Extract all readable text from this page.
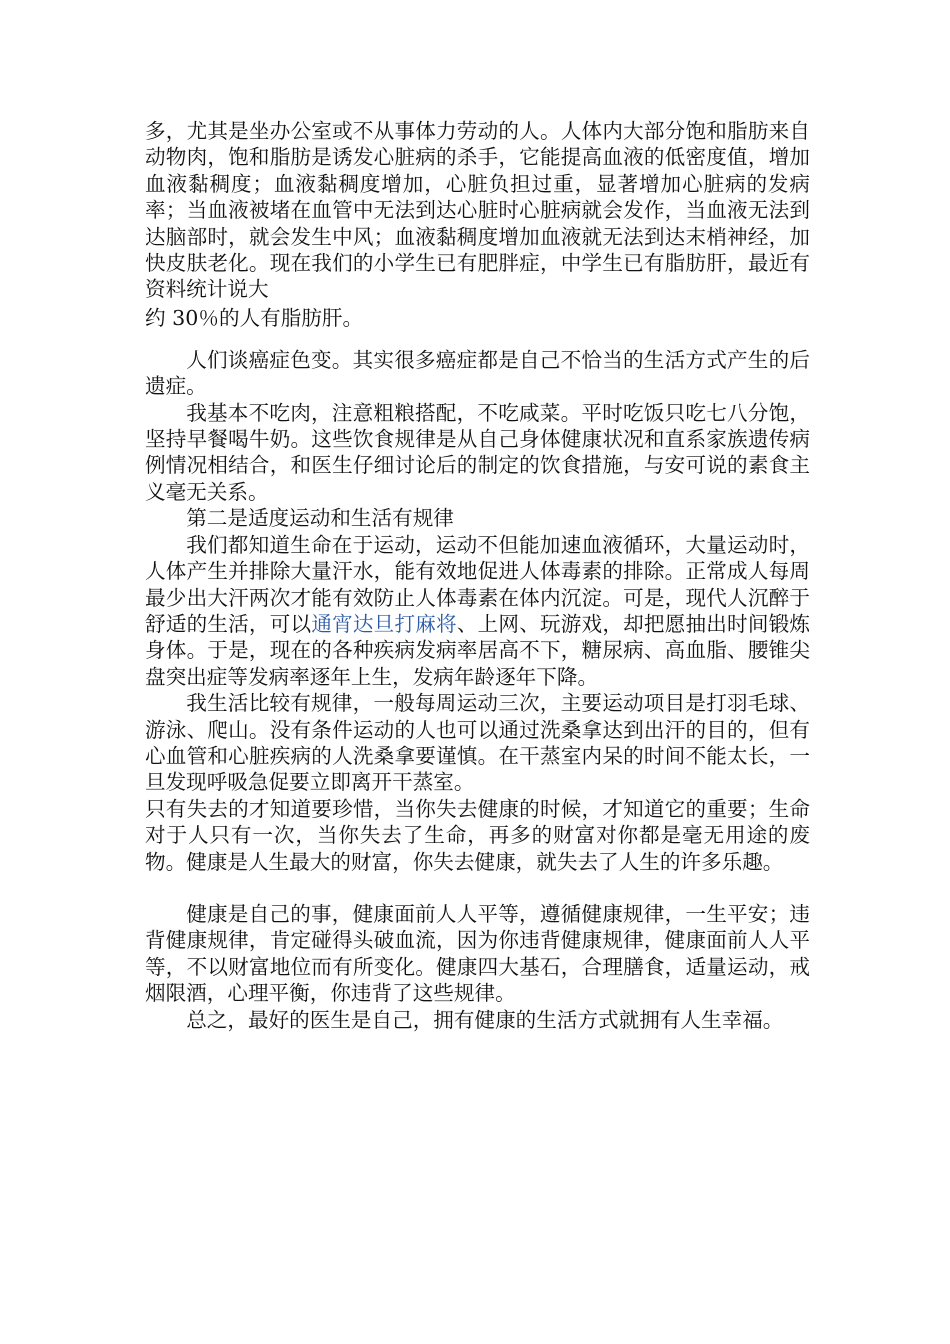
多，尤其是坐办公室或不从事体力劳动的人。人体内大部分饱和脂肪来自动物肉，饱和脂肪是诱发心脏病的杀手，它能提高血液的低密度值，增加血液黏稠度；血液黏稠度增加，心脏负担过重，显著增加心脏病的发病率；当血液被堵在血管中无法到达心脏时心脏病就会发作，当血液无法到达脑部时，就会发生中风；血液黏稠度增加血液就无法到达末梢神经，加快皮肤老化。现在我们的小学生已有肥胖症，中学生已有脂肪肝，最近有资料统计说大

约 30％的人有脂肪肝。

人们谈癌症色变。其实很多癌症都是自己不恰当的生活方式产生的后遗症。

我基本不吃肉，注意粗粮搭配，不吃咸菜。平时吃饭只吃七八分饱，坚持早餐喝牛奶。这些饮食规律是从自己身体健康状况和直系家族遗传病例情况相结合，和医生仔细讨论后的制定的饮食措施，与安可说的素食主义毫无关系。

第二是适度运动和生活有规律

我们都知道生命在于运动，运动不但能加速血液循环，大量运动时，人体产生并排除大量汗水，能有效地促进人体毒素的排除。正常成人每周最少出大汗两次才能有效防止人体毒素在体内沉淀。可是，现代人沉醉于舒适的生活，可以通宵达旦打麻将、上网、玩游戏，却把愿抽出时间锻炼身体。于是，现在的各种疾病发病率居高不下，糖尿病、高血脂、腰锥尖盘突出症等发病率逐年上生，发病年龄逐年下降。

我生活比较有规律，一般每周运动三次，主要运动项目是打羽毛球、游泳、爬山。没有条件运动的人也可以通过洗桑拿达到出汗的目的，但有心血管和心脏疾病的人洗桑拿要谨慎。在干蒸室内呆的时间不能太长，一旦发现呼吸急促要立即离开干蒸室。

只有失去的才知道要珍惜，当你失去健康的时候，才知道它的重要；生命对于人只有一次，当你失去了生命，再多的财富对你都是毫无用途的废物。健康是人生最大的财富，你失去健康，就失去了人生的许多乐趣。

健康是自己的事，健康面前人人平等，遵循健康规律，一生平安；违背健康规律，肯定碰得头破血流，因为你违背健康规律，健康面前人人平等，不以财富地位而有所变化。健康四大基石，合理膳食，适量运动，戒烟限酒，心理平衡，你违背了这些规律。

总之，最好的医生是自己，拥有健康的生活方式就拥有人生幸福。
